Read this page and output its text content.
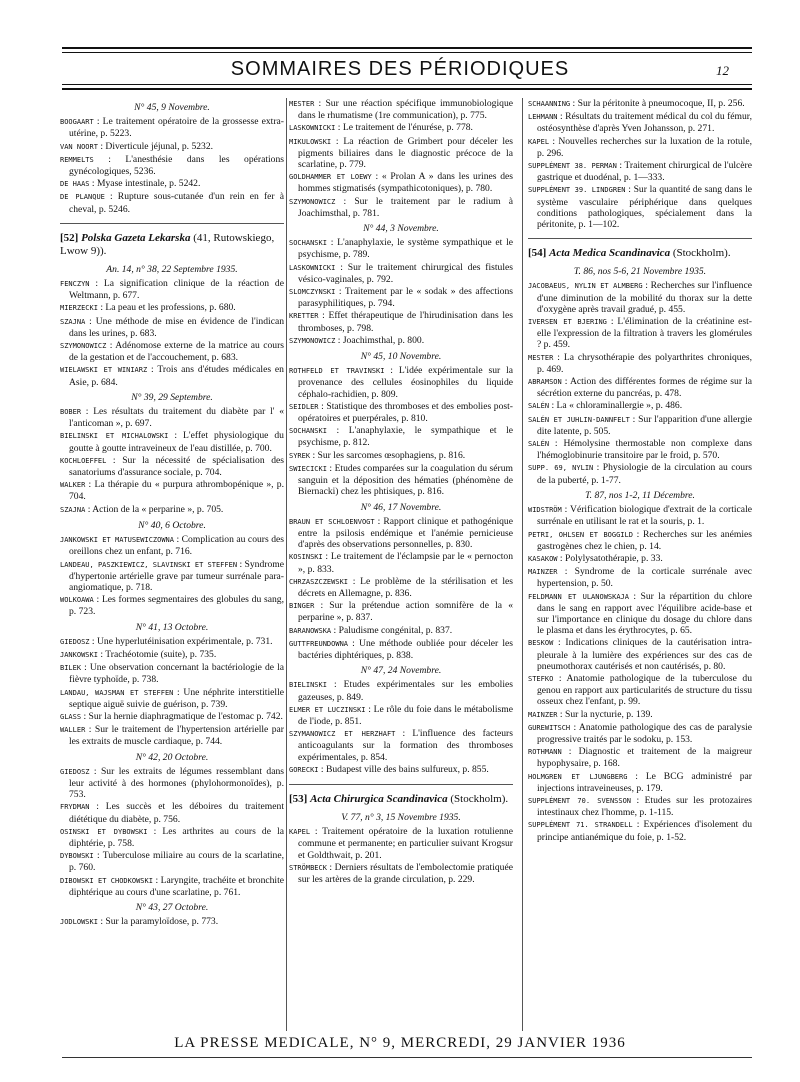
SOMMAIRES DES PÉRIODIQUES	12
N° 45, 9 Novembre.
BOOGAART : Le traitement opératoire de la grossesse extra-utérine, p. 5223.
VAN NOORT : Diverticule jéjunal, p. 5232.
REMMELTS : L'anesthésie dans les opérations gynécologiques, 5236.
DE HAAS : Myase intestinale, p. 5242.
DE PLANQUE : Rupture sous-cutanée d'un rein en fer à cheval, p. 5246.
[52] Polska Gazeta Lekarska (41, Rutowskiego, Lwow 9)).
An. 14, n° 38, 22 Septembre 1935.
FENCZYN : La signification clinique de la réaction de Weltmann, p. 677.
MIERZECKI : La peau et les professions, p. 680.
SZAJNA : Une méthode de mise en évidence de l'indican dans les urines, p. 683.
SZYMONOWICZ : Adénomose externe de la matrice au cours de la gestation et de l'accouchement, p. 683.
WIELAWSKI ET WINIARZ : Trois ans d'études médicales en Asie, p. 684.
N° 39, 29 Septembre.
BOBER : Les résultats du traitement du diabète par l' « l'anticoman », p. 697.
BIELINSKI ET MICHALOWSKI : L'effet physiologique du goutte à goutte intraveineux de l'eau distillée, p. 700.
KOCHLOEFFEL : Sur la nécessité de spécialisation des sanatoriums d'assurance sociale, p. 704.
WALKER : La thérapie du « purpura athrombopénique », p. 704.
SZAJNA : Action de la « perparine », p. 705.
N° 40, 6 Octobre.
JANKOWSKI ET MATUSEWICZOWNA : Complication au cours des oreillons chez un enfant, p. 716.
LANDEAU, PASZKIEWICZ, SLAVINSKI ET STEFFEN : Syndrome d'hypertonie artérielle grave par tumeur surrénale para-angiomatique, p. 718.
WOLKOAWA : Les formes segmentaires des globules du sang, p. 723.
N° 41, 13 Octobre.
GIEDOSZ : Une hyperlutéinisation expérimentale, p. 731.
JANKOWSKI : Trachéotomie (suite), p. 735.
BILEK : Une observation concernant la bactériologie de la fièvre typhoïde, p. 738.
LANDAU, WAJSMAN ET STEFFEN : Une néphrite interstitielle septique aiguë suivie de guérison, p. 739.
GLASS : Sur la hernie diaphragmatique de l'estomac p. 742.
WALLER : Sur le traitement de l'hypertension artérielle par les extraits de muscle cardiaque, p. 744.
N° 42, 20 Octobre.
GIEDOSZ : Sur les extraits de légumes ressemblant dans leur activité à des hormones (phylohormonoïdes), p. 753.
FRYDMAN : Les succès et les déboires du traitement diététique du diabète, p. 756.
OSINSKI ET DYBOWSKI : Les arthrites au cours de la diphtérie, p. 758.
DYBOWSKI : Tuberculose miliaire au cours de la scarlatine, p. 760.
DIBOWSKI ET CHODKOWSKI : Laryngite, trachéite et bronchite diphtérique au cours d'une scarlatine, p. 761.
N° 43, 27 Octobre.
JODLOWSKI : Sur la paramyloïdose, p. 773.
MESTER : Sur une réaction spécifique immunobiologique dans le rhumatisme (1re communication), p. 775.
LASKOWNICKI : Le traitement de l'énurése, p. 778.
MIKULOWSKI : La réaction de Grimbert pour déceler les pigments biliaires dans le diagnostic précoce de la scarlatine, p. 779.
GOLDHAMMER ET LOEWY : « Prolan A » dans les urines des hommes stigmatisés (sympathicotoniques), p. 780.
SZYMONOWICZ : Sur le traitement par le radium à Joachimsthal, p. 781.
N° 44, 3 Novembre.
SOCHANSKI : L'anaphylaxie, le système sympathique et le psychisme, p. 789.
LASKOWNICKI : Sur le traitement chirurgical des fistules vésico-vaginales, p. 792.
SLOMCZYNSKI : Traitement par le « sodak » des affections parasyphilitiques, p. 794.
KRETTER : Effet thérapeutique de l'hirudinisation dans les thromboses, p. 798.
SZYMONOWICZ : Joachimsthal, p. 800.
N° 45, 10 Novembre.
ROTHFELD ET TRAVINSKI : L'idée expérimentale sur la provenance des cellules éosinophiles du liquide céphalo-rachidien, p. 809.
SEIDLER : Statistique des thromboses et des embolies post-opératoires et puerpérales, p. 810.
SOCHANSKI : L'anaphylaxie, le sympathique et le psychisme, p. 812.
SYREK : Sur les sarcomes œsophagiens, p. 816.
SWIECICKI : Etudes comparées sur la coagulation du sérum sanguin et la déposition des hématies (phénomène de Biernacki) chez les phtisiques, p. 816.
N° 46, 17 Novembre.
BRAUN ET SCHLOENVOGT : Rapport clinique et pathogénique entre la psilosis endémique et l'anémie pernicieuse d'après des observations personnelles, p. 830.
KOSINSKI : Le traitement de l'éclampsie par le « pernocton », p. 833.
CHRZASZCZEWSKI : Le problème de la stérilisation et les décrets en Allemagne, p. 836.
BINGER : Sur la prétendue action somnifère de la « perparine », p. 837.
BARANOWSKA : Paludisme congénital, p. 837.
GUTTFREUNDOWNA : Une méthode oubliée pour déceler les bactéries diphtériques, p. 838.
N° 47, 24 Novembre.
BIELINSKI : Etudes expérimentales sur les embolies gazeuses, p. 849.
ELMER ET LUCZINSKI : Le rôle du foie dans le métabolisme de l'iode, p. 851.
SZYMANOWICZ ET HERZHAFT : L'influence des facteurs anticoagulants sur la formation des thromboses expérimentales, p. 854.
GORECKI : Budapest ville des bains sulfureux, p. 855.
[53] Acta Chirurgica Scandinavica (Stockholm).
V. 77, n° 3, 15 Novembre 1935.
KAPEL : Traitement opératoire de la luxation rotulienne commune et permanente; en particulier suivant Krogsur et Goldthwait, p. 201.
STRÖMBECK : Derniers résultats de l'embolectomie pratiquée sur les artères de la grande circulation, p. 229.
SCHAANNING : Sur la péritonite à pneumocoque, II, p. 256.
LEHMANN : Résultats du traitement médical du col du fémur, ostéosynthèse d'après Yven Johansson, p. 271.
KAPEL : Nouvelles recherches sur la luxation de la rotule, p. 296.
SUPPLÉMENT 38. PERMAN : Traitement chirurgical de l'ulcère gastrique et duodénal, p. 1—333.
SUPPLÉMENT 39. LINDGREN : Sur la quantité de sang dans le système vasculaire périphérique dans quelques conditions pathologiques, spécialement dans la péritonite, p. 1—102.
[54] Acta Medica Scandinavica (Stockholm).
T. 86, nos 5-6, 21 Novembre 1935.
JACOBAEUS, NYLIN ET ALMBERG : Recherches sur l'influence d'une diminution de la mobilité du thorax sur la dette d'oxygène après travail gradué, p. 455.
IVERSEN ET BJERING : L'élimination de la créatinine est-elle l'expression de la filtration à travers les glomérules ? p. 459.
MESTER : La chrysothérapie des polyarthrites chroniques, p. 469.
ABRAMSON : Action des différentes formes de régime sur la sécrétion externe du pancréas, p. 478.
SALÉN : La « chloraminallergie », p. 486.
SALÉN ET JUHLIN-DANNFELT : Sur l'apparition d'une allergie dite latente, p. 505.
SALÉN : Hémolysine thermostable non complexe dans l'hémoglobinurie transitoire par le froid, p. 570.
SUPP. 69, NYLIN : Physiologie de la circulation au cours de la puberté, p. 1-77.
T. 87, nos 1-2, 11 Décembre.
WIDSTRÖM : Vérification biologique d'extrait de la corticale surrénale en utilisant le rat et la souris, p. 1.
PETRI, OHLSEN ET BOGGILD : Recherches sur les anémies gastrogènes chez le chien, p. 14.
KASAKOW : Polylysatothérapie, p. 33.
MAINZER : Syndrome de la corticale surrénale avec hypertension, p. 50.
FELDMANN ET ULANOWSKAJA : Sur la répartition du chlore dans le sang en rapport avec l'équilibre acide-base et sur l'importance en clinique du dosage du chlore dans le plasma et dans les érythrocytes, p. 65.
BESKOW : Indications cliniques de la cautérisation intra-pleurale à la lumière des expériences sur des cas de pneumothorax cautérisés et non cautérisés, p. 80.
STEFKO : Anatomie pathologique de la tuberculose du genou en rapport aux particularités de structure du tissu osseux chez l'enfant, p. 99.
MAINZER : Sur la nycturie, p. 139.
GUREWITSCH : Anatomie pathologique des cas de paralysie progressive traités par le sodoku, p. 153.
ROTHMANN : Diagnostic et traitement de la maigreur hypophysaire, p. 168.
HOLMGREN ET LJUNGBERG : Le BCG administré par injections intraveineuses, p. 179.
SUPPLÉMENT 70. SVENSSON : Etudes sur les protozaires intestinaux chez l'homme, p. 1-115.
SUPPLÉMENT 71. STRANDELL : Expériences d'isolement du principe antianémique du foie, p. 1-52.
LA PRESSE MEDICALE, N° 9, MERCREDI, 29 JANVIER 1936
